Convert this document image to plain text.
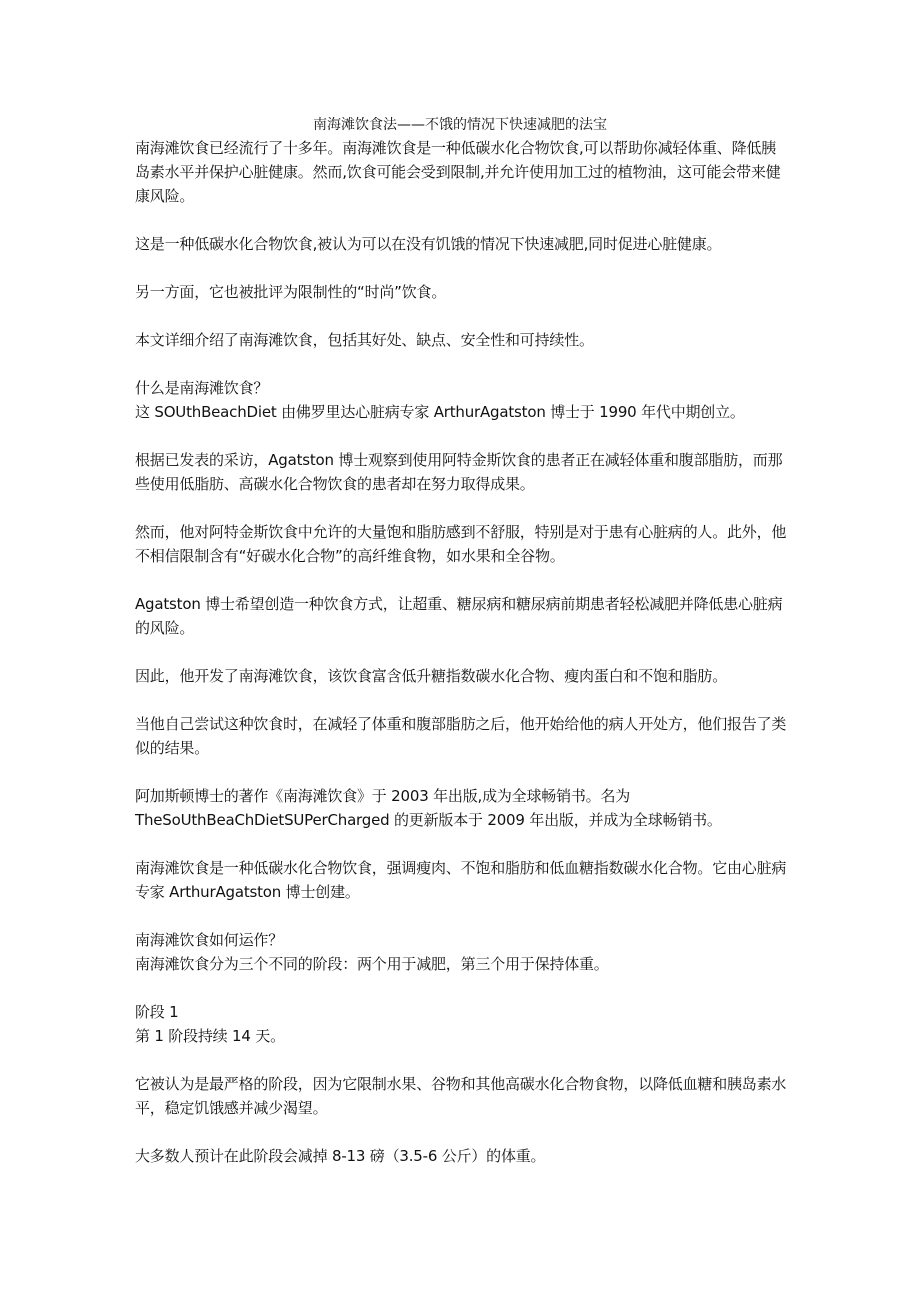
南海滩饮食法——不饿的情况下快速减肥的法宝

南海滩饮食已经流行了十多年。南海滩饮食是一种低碳水化合物饮食,可以帮助你减轻体重、降低胰岛素水平并保护心脏健康。然而,饮食可能会受到限制,并允许使用加工过的植物油，这可能会带来健康风险。

这是一种低碳水化合物饮食,被认为可以在没有饥饿的情况下快速减肥,同时促进心脏健康。

另一方面，它也被批评为限制性的“时尚”饮食。

本文详细介绍了南海滩饮食，包括其好处、缺点、安全性和可持续性。

什么是南海滩饮食？

这 SOUthBeachDiet 由佛罗里达心脏病专家 ArthurAgatston 博士于 1990 年代中期创立。

根据已发表的采访，Agatston 博士观察到使用阿特金斯饮食的患者正在减轻体重和腹部脂肪，而那些使用低脂肪、高碳水化合物饮食的患者却在努力取得成果。

然而，他对阿特金斯饮食中允许的大量饱和脂肪感到不舒服，特别是对于患有心脏病的人。此外，他不相信限制含有“好碳水化合物”的高纤维食物，如水果和全谷物。

Agatston 博士希望创造一种饮食方式，让超重、糖尿病和糖尿病前期患者轻松减肥并降低患心脏病的风险。

因此，他开发了南海滩饮食，该饮食富含低升糖指数碳水化合物、瘦肉蛋白和不饱和脂肪。

当他自己尝试这种饮食时，在减轻了体重和腹部脂肪之后，他开始给他的病人开处方，他们报告了类似的结果。

阿加斯顿博士的著作《南海滩饮食》于 2003 年出版,成为全球畅销书。名为 TheSoUthBeaChDietSUPerCharged 的更新版本于 2009 年出版，并成为全球畅销书。

南海滩饮食是一种低碳水化合物饮食，强调瘦肉、不饱和脂肪和低血糖指数碳水化合物。它由心脏病专家 ArthurAgatston 博士创建。

南海滩饮食如何运作？

南海滩饮食分为三个不同的阶段：两个用于减肥，第三个用于保持体重。

阶段 1

第 1 阶段持续 14 天。

它被认为是最严格的阶段，因为它限制水果、谷物和其他高碳水化合物食物，以降低血糖和胰岛素水平，稳定饥饿感并减少渴望。

大多数人预计在此阶段会减掉 8-13 磅（3.5-6 公斤）的体重。
